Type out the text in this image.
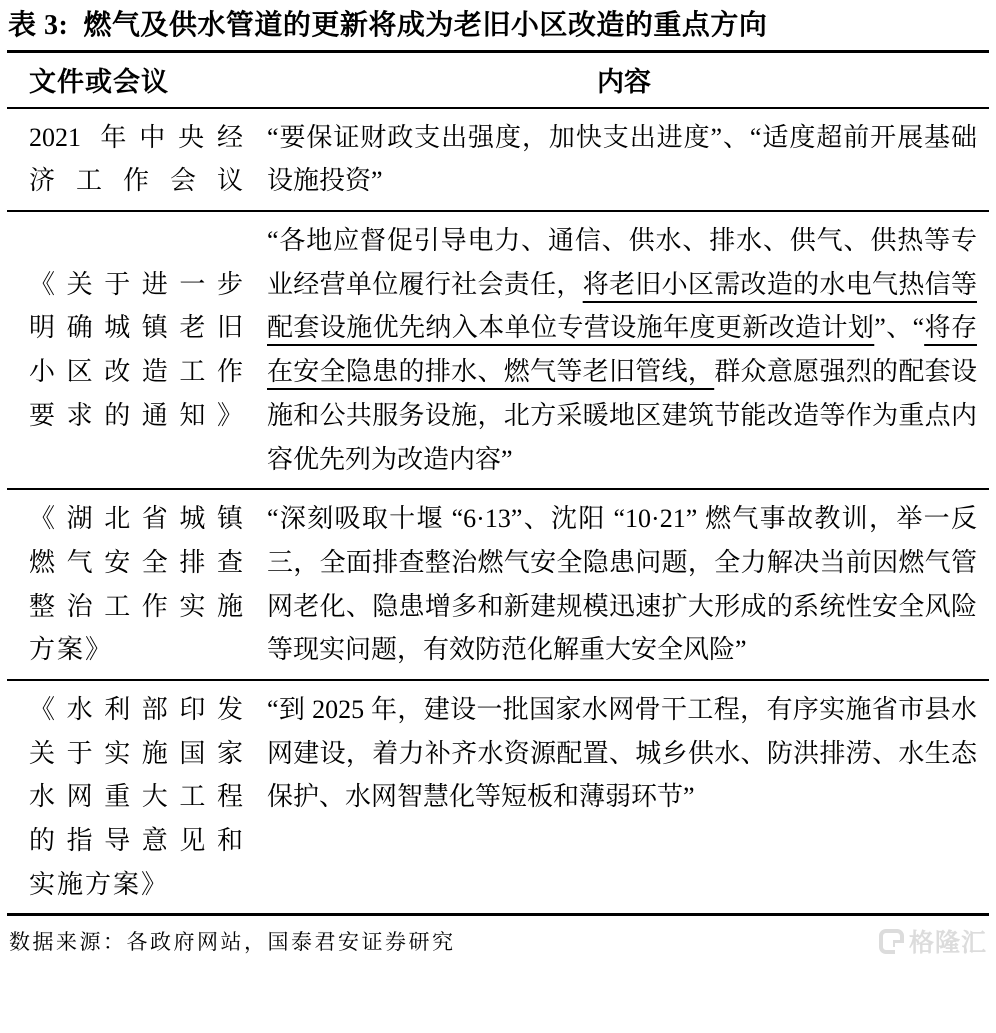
表 3:  燃气及供水管道的更新将成为老旧小区改造的重点方向
文件或会议	内容
2021 年中央经
济工作会议

“要保证财政支出强度，加快支出进度”、“适度超前开展基础设施投资”

《关于进一步
明确城镇老旧
小区改造工作
要求的通知》

“各地应督促引导电力、通信、供水、排水、供气、供热等专业经营单位履行社会责任，将老旧小区需改造的水电气热信等配套设施优先纳入本单位专营设施年度更新改造计划”、“将存在安全隐患的排水、燃气等老旧管线，群众意愿强烈的配套设施和公共服务设施，北方采暖地区建筑节能改造等作为重点内容优先列为改造内容”

《湖北省城镇
燃气安全排查
整治工作实施
方案》

“深刻吸取十堰 “6·13”、沈阳 “10·21” 燃气事故教训，举一反三，全面排查整治燃气安全隐患问题，全力解决当前因燃气管网老化、隐患增多和新建规模迅速扩大形成的系统性安全风险等现实问题，有效防范化解重大安全风险”

《水利部印发
关于实施国家
水网重大工程
的指导意见和
实施方案》

“到 2025 年，建设一批国家水网骨干工程，有序实施省市县水网建设，着力补齐水资源配置、城乡供水、防洪排涝、水生态保护、水网智慧化等短板和薄弱环节”

数据来源：各政府网站，国泰君安证券研究	格隆汇
